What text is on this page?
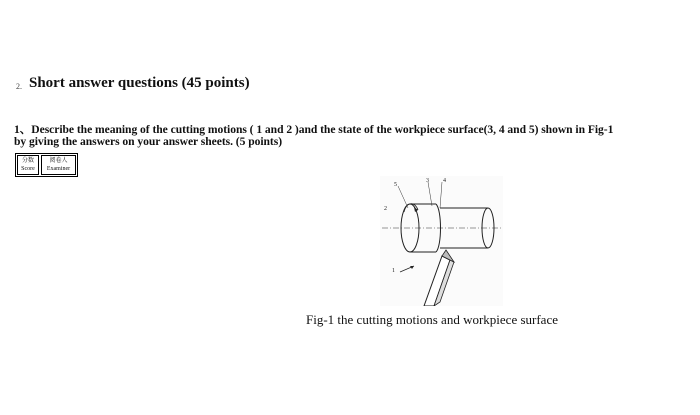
2. Short answer questions (45 points)
1、Describe the meaning of the cutting motions ( 1 and 2 )and the state of the workpiece surface(3, 4 and 5) shown in Fig-1
by giving the answers on your answer sheets. (5 points)
分数
Score
阅卷人
Examiner
1
2
3 4
5
Fig-1 the cutting motions and workpiece surface
